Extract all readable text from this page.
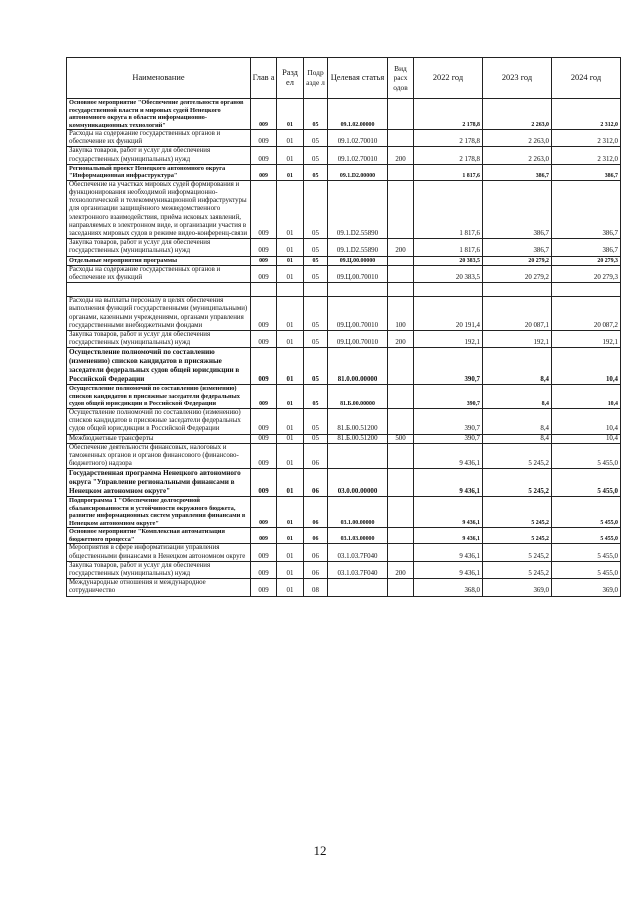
Наименование	Глав а	Разд ел	Подр азде л	Целевая статья	Вид расх одов	2022 год	2023 год	2024 год
Основное мероприятие "Обеспечение деятельности органов государственной власти и мировых судей Ненецкого автономного округа в области информационно-коммуникационных технологий"	009	01	05	09.1.02.00000		2 178,8	2 263,0	2 312,0
Расходы на содержание государственных органов и обеспечение их функций	009	01	05	09.1.02.70010		2 178,8	2 263,0	2 312,0
Закупка товаров, работ и услуг для обеспечения государственных (муниципальных) нужд	009	01	05	09.1.02.70010	200	2 178,8	2 263,0	2 312,0
Региональный проект Ненецкого автономного округа "Информационная инфраструктура"	009	01	05	09.1.D2.00000		1 817,6	386,7	386,7
Обеспечение на участках мировых судей формирования и функционирования необходимой информационно-технологической и телекоммуникационной инфраструктуры для организации защищённого межведомственного электронного взаимодействия, приёма исковых заявлений, направляемых в электронном виде, и организации участия в заседаниях мировых судов в режиме видео-конференц-связи	009	01	05	09.1.D2.55890		1 817,6	386,7	386,7
Закупка товаров, работ и услуг для обеспечения государственных (муниципальных) нужд	009	01	05	09.1.D2.55890	200	1 817,6	386,7	386,7
Отдельные мероприятия программы	009	01	05	09.Ц.00.00000		20 383,5	20 279,2	20 279,3
Расходы на содержание государственных органов и обеспечение их функций	009	01	05	09.Ц.00.70010		20 383,5	20 279,2	20 279,3

Расходы на выплаты персоналу в целях обеспечения выполнения функций государственными (муниципальными) органами, казенными учреждениями, органами управления государственными внебюджетными фондами	009	01	05	09.Ц.00.70010	100	20 191,4	20 087,1	20 087,2
Закупка товаров, работ и услуг для обеспечения государственных (муниципальных) нужд	009	01	05	09.Ц.00.70010	200	192,1	192,1	192,1
Осуществление полномочий по составлению (изменению) списков кандидатов в присяжные заседатели федеральных судов общей юрисдикции в Российской Федерации	009	01	05	81.0.00.00000		390,7	8,4	10,4
Осуществление полномочий по составлению (изменению) списков кандидатов в присяжные заседатели федеральных судов общей юрисдикции в Российской Федерации	009	01	05	81.Б.00.00000		390,7	8,4	10,4
Осуществление полномочий по составлению (изменению) списков кандидатов в присяжные заседатели федеральных судов общей юрисдикции в Российской Федерации	009	01	05	81.Б.00.51200		390,7	8,4	10,4
Межбюджетные трансферты	009	01	05	81.Б.00.51200	500	390,7	8,4	10,4
Обеспечение деятельности финансовых, налоговых и таможенных органов и органов финансового (финансово-бюджетного) надзора	009	01	06			9 436,1	5 245,2	5 455,0
Государственная программа Ненецкого автономного округа "Управление региональными финансами в Ненецком автономном округе"	009	01	06	03.0.00.00000		9 436,1	5 245,2	5 455,0
Подпрограмма 1 "Обеспечение долгосрочной сбалансированности и устойчивости окружного бюджета, развитие информационных систем управления финансами в Ненецком автономном округе"	009	01	06	03.1.00.00000		9 436,1	5 245,2	5 455,0
Основное мероприятие "Комплексная автоматизация бюджетного процесса"	009	01	06	03.1.03.00000		9 436,1	5 245,2	5 455,0
Мероприятия в сфере информатизации управления общественными финансами в Ненецком автономном округе	009	01	06	03.1.03.7F040		9 436,1	5 245,2	5 455,0
Закупка товаров, работ и услуг для обеспечения государственных (муниципальных) нужд	009	01	06	03.1.03.7F040	200	9 436,1	5 245,2	5 455,0
Международные отношения и международное сотрудничество	009	01	08			368,0	369,0	369,0
12
